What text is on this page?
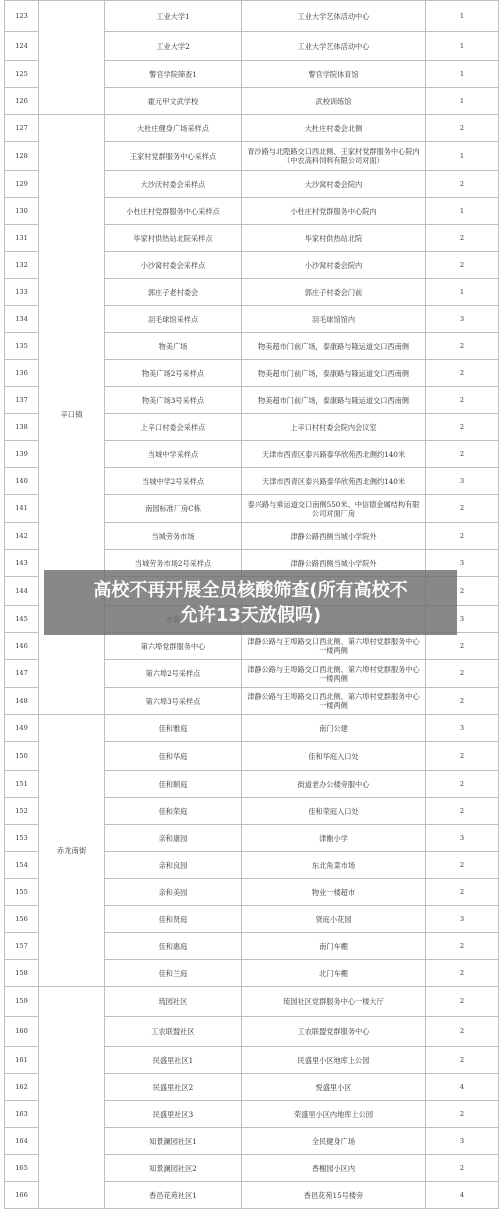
123		工业大学1	工业大学艺体活动中心	1
124		工业大学2	工业大学艺体活动中心	1
125		警官学院筛查1	警官学院体育馆	1
126		霍元甲文武学校	武校训练馆	1
127	辛口镇	大杜庄健身广场采样点	大杜庄村委会北侧	2
128		王家村党群服务中心采样点	青沙路与北隍路交口西北侧、王家村党群服务中心院内（中农高科饲料有限公司对面）	1
129		大沙沃村委会采样点	大沙窝村委会院内	2
130		小杜庄村党群服务中心采样点	小杜庄村党群服务中心院内	1
131		毕家村供热站北院采样点	毕家村供热站北院	2
132		小沙窝村委会采样点	小沙窝村委会院内	2
133		郭庄子老村委会	郭庄子村委会门前	1
134		羽毛球馆采样点	羽毛球馆馆内	3
135		物美广场	物美超市门前广场，泰康路与隆运道交口西南侧	2
136		物美广场2号采样点	物美超市门前广场，泰康路与隆运道交口西南侧	2
137		物美广场3号采样点	物美超市门前广场，泰康路与隆运道交口西南侧	2
138		上辛口村委会采样点	上辛口村村委会院内会议室	2
139		当城中学采样点	天津市西青区泰兴路泰华欣苑西北侧约140米	2
140		当城中学2号采样点	天津市西青区泰兴路泰华欣苑西北侧约140米	3
141		南园标准厂房C栋	泰兴路与乘运道交口南侧550米、中信德金属结构有限公司对面厂房	2
142		当城劳务市场	津静公路西侧当城小学院外	2
143		当城劳务市场2号采样点	津静公路西侧当城小学院外	3
144				2
145				3
146		第六埠党群服务中心	津静公路与王埠路交口西北侧、第六埠村党群服务中心一楼两侧	2
147		第六埠2号采样点	津静公路与王埠路交口西北侧、第六埠村党群服务中心一楼两侧	2
148		第六埠3号采样点	津静公路与王埠路交口西北侧、第六埠村党群服务中心一楼两侧	2
149	赤龙南街	佳和雅庭	南门公建	3
150		佳和华庭	佳和华庭入口处	2
151		佳和顺庭	街道老办公楼旁服中心	2
152		佳和荣庭	佳和荣庭入口处	2
153		亲和康园	津衡小学	3
154		亲和良园	东北角菜市场	2
155		亲和美园	物业一楼超市	2
156		佳和贤庭	贤庭小花园	3
157		佳和惠庭	南门车棚	2
158		佳和兰庭	北门车棚	2
159		琉园社区	琉园社区党群服务中心一楼大厅	2
160		工农联盟社区	工农联盟党群服务中心	2
161		民盛里社区1	民盛里小区地库上公园	2
162		民盛里社区2	悦盛里小区	4
163		民盛里社区3	荣盛里小区内地库上公园	2
164		知景澜园社区1	全民健身广场	3
165		知景澜园社区2	香榭园小区内	2
166		香邑花苑社区1	香邑花苑15号楼旁	4
高校不再开展全员核酸筛查(所有高校不允许13天放假吗)
